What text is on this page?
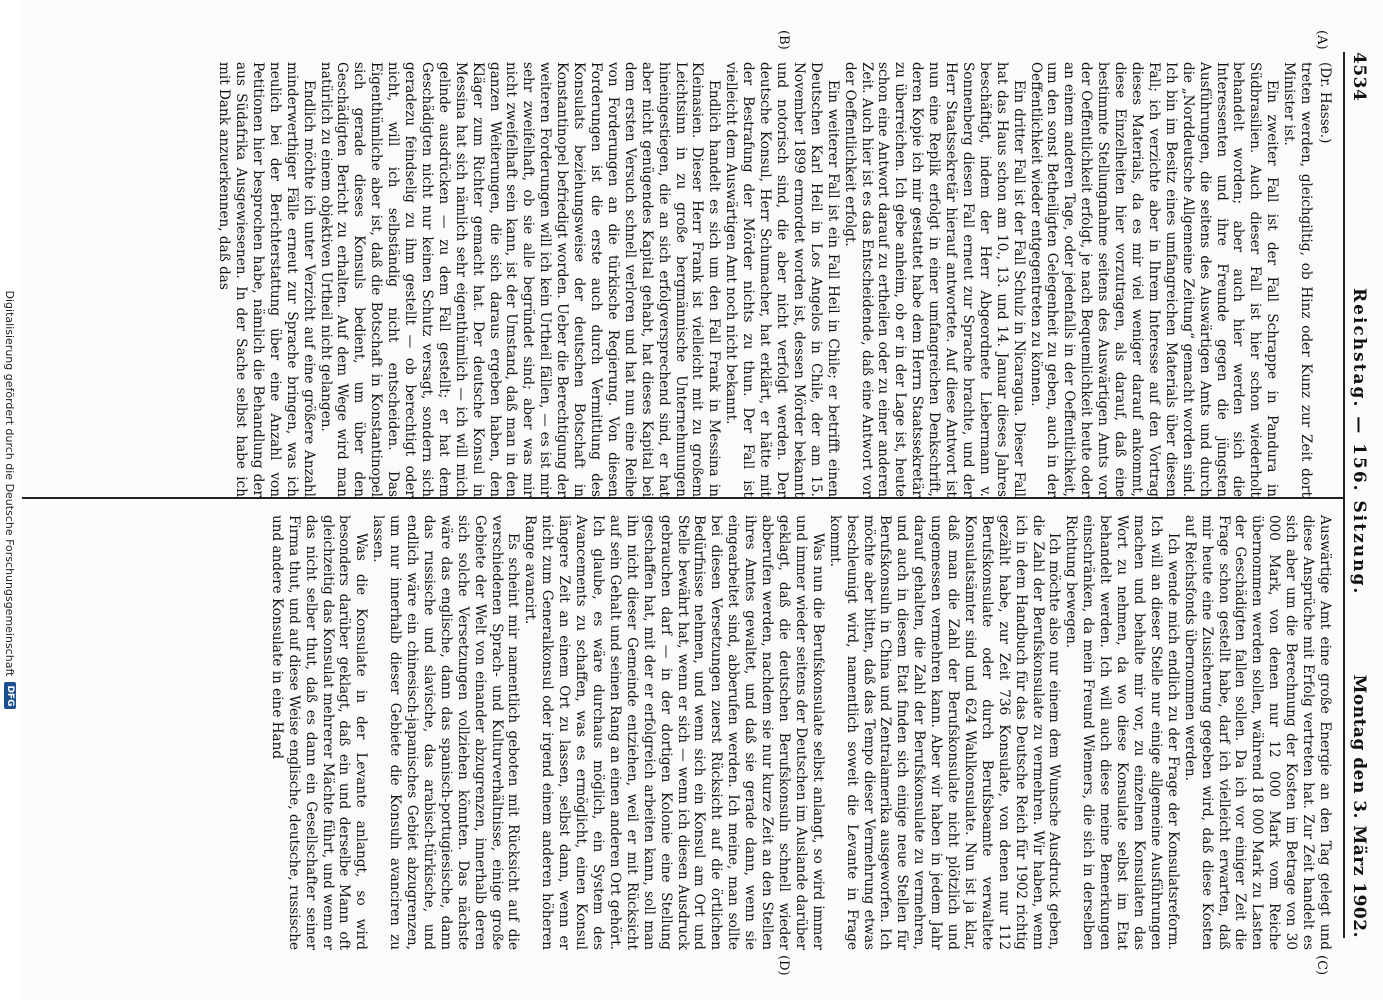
4534
Reichstag. — 156. Sitzung.
Montag den 3. März 1902.
(A)
(B)
(C)
(D)
(Dr. Hasse.)

treten werden, gleichgiltig, ob Hinz oder Kunz zur Zeit dort Minister ist.

Ein zweiter Fall ist der Fall Schrappe in Pandura in Südbrasilien. Auch dieser Fall ist hier schon wiederholt behandelt worden; aber auch hier werden sich die Interessenten und ihre Freunde gegen die jüngsten Ausführungen, die seitens des Auswärtigen Amts und durch die „Norddeutsche Allgemeine Zeitung“ gemacht worden sind. Ich bin im Besitz eines umfangreichen Materials über diesen Fall; ich verzichte aber in Ihrem Interesse auf den Vortrag dieses Materials, da es mir viel weniger darauf ankommt, diese Einzelheiten hier vorzutragen, als darauf, daß eine bestimmte Stellungnahme seitens des Auswärtigen Amts vor der Oeffentlichkeit erfolgt, je nach Bequemlichkeit heute oder an einem anderen Tage, oder jedenfalls in der Oeffentlichkeit, um den sonst Betheiligten Gelegenheit zu geben, auch in der Oeffentlichkeit wieder entgegentreten zu können.

Ein dritter Fall ist der Fall Schulz in Nicaragua. Dieser Fall hat das Haus schon am 10., 13. und 14. Januar dieses Jahres beschäftigt, indem der Herr Abgeordnete Liebermann v. Sonnenberg diesen Fall erneut zur Sprache brachte, und der Herr Staatssekretär hierauf antwortete. Auf diese Antwort ist nun eine Replik erfolgt in einer umfangreichen Denkschrift, deren Kopie ich mir gestattet habe dem Herrn Staatssekretär zu überreichen. Ich gebe anheim, ob er in der Lage ist, heute schon eine Antwort darauf zu ertheilen oder zu einer anderen Zeit. Auch hier ist es das Entscheidende, daß eine Antwort vor der Oeffentlichkeit erfolgt.

Ein weiterer Fall ist ein Fall Heil in Chile; er betrifft einen Deutschen Karl Heil in Los Angelos in Chile, der am 15. November 1899 ermordet worden ist, dessen Mörder bekannt und notorisch sind, die aber nicht verfolgt werden. Der deutsche Konsul, Herr Schumacher, hat erklärt, er hätte mit der Bestrafung der Mörder nichts zu thun. Der Fall ist vielleicht dem Auswärtigen Amt noch nicht bekannt.

Endlich handelt es sich um den Fall Frank in Messina in Kleinasien. Dieser Herr Frank ist vielleicht mit zu großem Leichtsinn in zu große bergmännische Unternehmungen hineingestiegen, die an sich erfolgversprechend sind, er hat aber nicht genügendes Kapital gehabt, hat dieses Kapital bei dem ersten Versuch schnell verloren und hat nun eine Reihe von Forderungen an die türkische Regierung. Von diesen Forderungen ist die erste auch durch Vermittlung des Konsulats beziehungsweise der deutschen Botschaft in Konstantinopel befriedigt worden. Ueber die Berechtigung der weiteren Forderungen will ich kein Urtheil fällen, — es ist mir sehr zweifelhaft, ob sie alle begründet sind; aber was mir nicht zweifelhaft sein kann, ist der Umstand, daß man in den ganzen Weiterungen, die sich daraus ergeben haben, den Kläger zum Richter gemacht hat. Der deutsche Konsul in Messina hat sich nämlich sehr eigenthümlich — ich will mich gelinde ausdrücken — zu dem Fall gestellt; er hat dem Geschädigten nicht nur keinen Schutz versagt, sondern sich geradezu feindselig zu ihm gestellt — ob berechtigt oder nicht, will ich selbständig nicht entscheiden. Das Eigenthümliche aber ist, daß die Botschaft in Konstantinopel sich gerade dieses Konsuls bedient, um über den Geschädigten Bericht zu erhalten. Auf dem Wege wird man natürlich zu einem objektiven Urtheil nicht gelangen.

Endlich möchte ich unter Verzicht auf eine größere Anzahl minderwerthiger Fälle erneut zur Sprache bringen, was ich neulich bei der Berichterstattung über eine Anzahl von Petitionen hier besprochen habe, nämlich die Behandlung der aus Südafrika Ausgewiesenen. In der Sache selbst habe ich mit Dank anzuerkennen, daß das

Auswärtige Amt eine große Energie an den Tag gelegt und diese Ansprüche mit Erfolg vertreten hat. Zur Zeit handelt es sich aber um die Berechnung der Kosten im Betrage von 30 000 Mark, von denen nur 12 000 Mark vom Reiche übernommen werden sollen, während 18 000 Mark zu Lasten der Geschädigten fallen sollen. Da ich vor einiger Zeit die Frage schon gestellt habe, darf ich vielleicht erwarten, daß mir heute eine Zusicherung gegeben wird, daß diese Kosten auf Reichsfonds übernommen werden.

Ich wende mich endlich zu der Frage der Konsulatsreform. Ich will an dieser Stelle nur einige allgemeine Ausführungen machen und behalte mir vor, zu einzelnen Konsulaten das Wort zu nehmen, da wo diese Konsulate selbst im Etat behandelt werden. Ich will auch diese meine Bemerkungen einschränken, da mein Freund Wiemers, die sich in derselben Richtung bewegen.

Ich möchte also nur einem dem Wunsche Ausdruck geben, die Zahl der Berufskonsulate zu vermehren. Wir haben, wenn ich in dem Handbuch für das Deutsche Reich für 1902 richtig gezählt habe, zur Zeit 736 Konsulate, von denen nur 112 Berufskonsulate oder durch Berufsbeamte verwaltete Konsulatsämter sind und 624 Wahlkonsulate. Nun ist ja klar, daß man die Zahl der Berufskonsulate nicht plötzlich und ungemessen vermehren kann. Aber wir haben in jedem Jahr darauf gehalten, die Zahl der Berufskonsulate zu vermehren, und auch in diesem Etat finden sich einige neue Stellen für Berufskonsuln in China und Zentralamerika ausgeworfen. Ich möchte aber bitten, daß das Tempo dieser Vermehrung etwas beschleunigt wird, namentlich soweit die Levante in Frage kommt.

Was nun die Berufskonsulate selbst anlangt, so wird immer und immer wieder seitens der Deutschen im Auslande darüber geklagt, daß die deutschen Berufskonsuln schnell wieder abberufen werden, nachdem sie nur kurze Zeit an den Stellen ihres Amtes gewaltet, und daß sie gerade dann, wenn sie eingearbeitet sind, abberufen werden. Ich meine, man sollte bei diesen Versetzungen zuerst Rücksicht auf die örtlichen Bedürfnisse nehmen, und wenn sich ein Konsul am Ort und Stelle bewährt hat, wenn er sich — wenn ich diesen Ausdruck gebrauchen darf — in der dortigen Kolonie eine Stellung geschaffen hat, mit der er erfolgreich arbeiten kann, soll man ihn nicht dieser Gemeinde entziehen, weil er mit Rücksicht auf sein Gehalt und seinen Rang an einen anderen Ort gehört. Ich glaube, es wäre durchaus möglich, ein System des Avancements zu schaffen, was es ermöglicht, einen Konsul längere Zeit an einem Ort zu lassen, selbst dann, wenn er nicht zum Generalkonsul oder irgend einem anderen höheren Range avancirt.

Es scheint mir namentlich geboten mit Rücksicht auf die verschiedenen Sprach- und Kulturverhältnisse, einige große Gebiete der Welt von einander abzugrenzen, innerhalb deren sich solche Versetzungen vollziehen könnten. Das nächste wäre das englische, dann das spanisch-portugiesische, dann das russische und slavische, das arabisch-türkische, und endlich wäre ein chinesisch-japanisches Gebiet abzugrenzen, um nur innerhalb dieser Gebiete die Konsuln avanciren zu lassen.

Was die Konsulate in der Levante anlangt, so wird besonders darüber geklagt, daß ein und derselbe Mann oft gleichzeitig das Konsulat mehrerer Mächte führt, und wenn er das nicht selber thut, daß es dann ein Gesellschafter seiner Firma thut, und auf diese Weise englische, deutsche, russische und andere Konsulate in eine Hand

Digitalisierung gefördert durch die Deutsche Forschungsgemeinschaft
DFG
